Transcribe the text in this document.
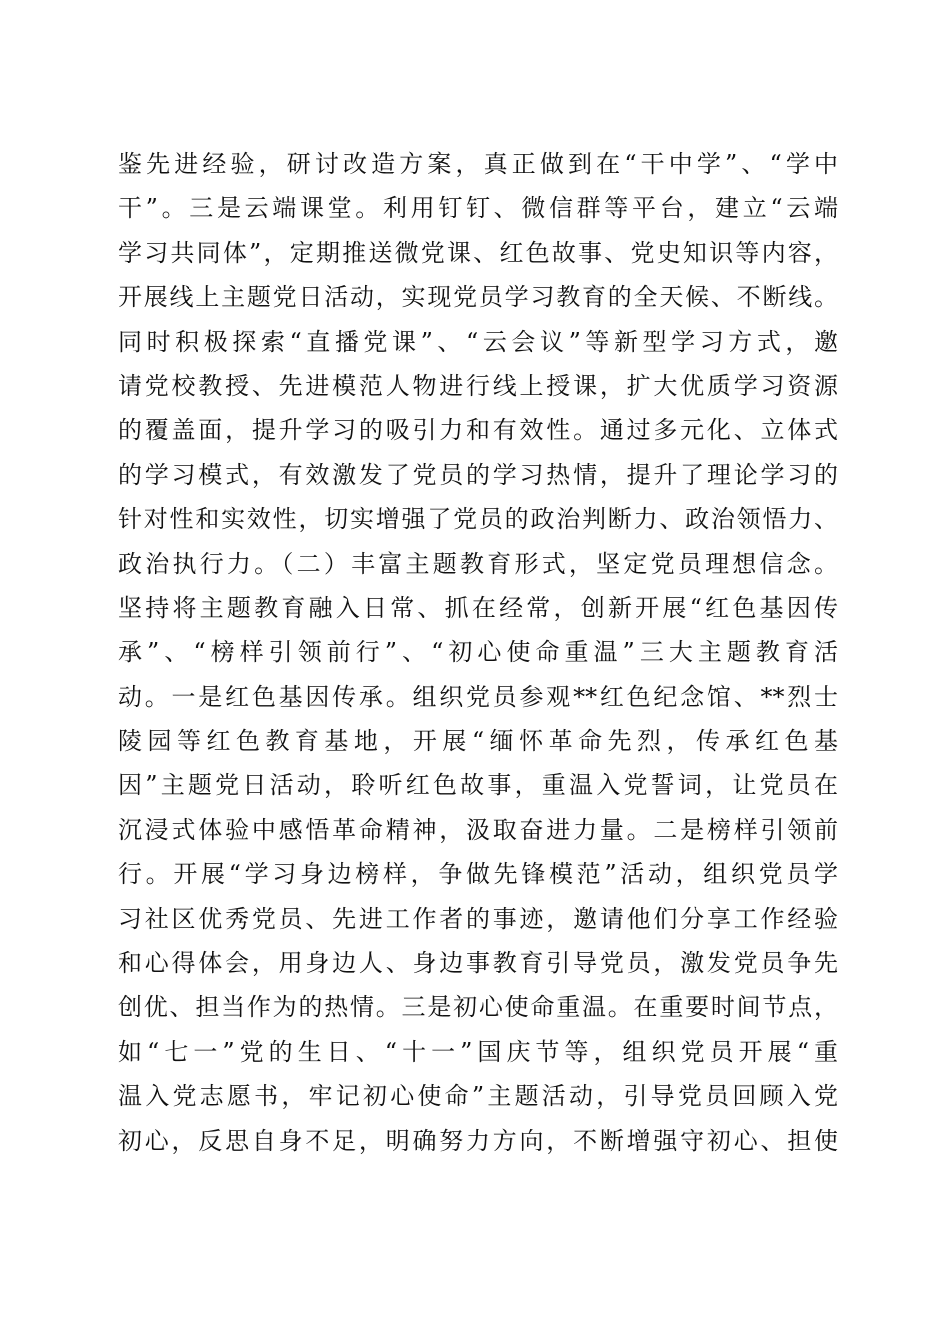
鉴先进经验，研讨改造方案，真正做到在“干中学”、“学中
干”。三是云端课堂。利用钉钉、微信群等平台，建立“云端
学习共同体”，定期推送微党课、红色故事、党史知识等内容，
开展线上主题党日活动，实现党员学习教育的全天候、不断线。
同时积极探索“直播党课”、“云会议”等新型学习方式，邀
请党校教授、先进模范人物进行线上授课，扩大优质学习资源
的覆盖面，提升学习的吸引力和有效性。通过多元化、立体式
的学习模式，有效激发了党员的学习热情，提升了理论学习的
针对性和实效性，切实增强了党员的政治判断力、政治领悟力、
政治执行力。（二）丰富主题教育形式，坚定党员理想信念。
坚持将主题教育融入日常、抓在经常，创新开展“红色基因传
承”、“榜样引领前行”、“初心使命重温”三大主题教育活
动。一是红色基因传承。组织党员参观**红色纪念馆、**烈士
陵园等红色教育基地，开展“缅怀革命先烈，传承红色基
因”主题党日活动，聆听红色故事，重温入党誓词，让党员在
沉浸式体验中感悟革命精神，汲取奋进力量。二是榜样引领前
行。开展“学习身边榜样，争做先锋模范”活动，组织党员学
习社区优秀党员、先进工作者的事迹，邀请他们分享工作经验
和心得体会，用身边人、身边事教育引导党员，激发党员争先
创优、担当作为的热情。三是初心使命重温。在重要时间节点，
如“七一”党的生日、“十一”国庆节等，组织党员开展“重
温入党志愿书，牢记初心使命”主题活动，引导党员回顾入党
初心，反思自身不足，明确努力方向，不断增强守初心、担使
